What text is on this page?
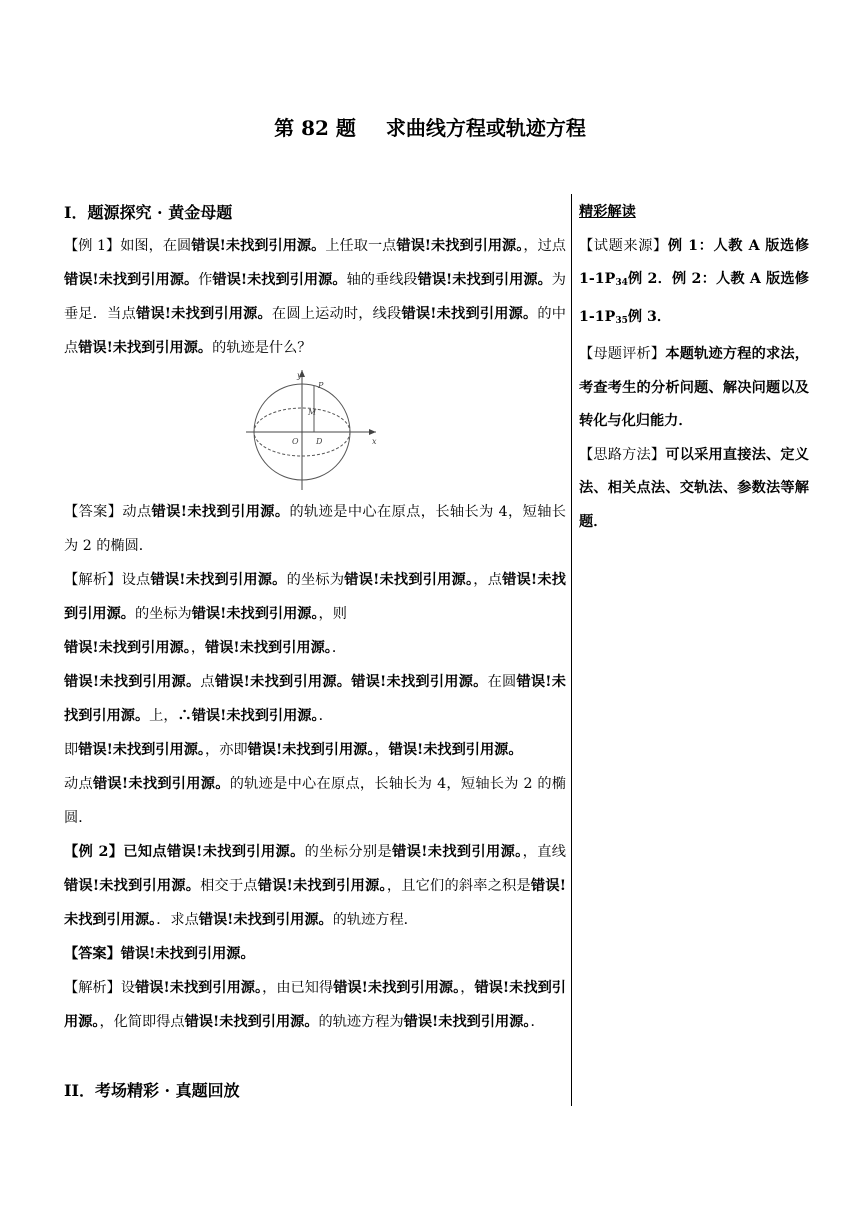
第 82 题 求曲线方程或轨迹方程
I．题源探究 · 黄金母题

【例 1】如图，在圆错误!未找到引用源。上任取一点错误!未找到引用源。，过点错误!未找到引用源。作错误!未找到引用源。轴的垂线段错误!未找到引用源。为垂足．当点错误!未找到引用源。在圆上运动时，线段错误!未找到引用源。的中点错误!未找到引用源。的轨迹是什么？

y
P
M
O D	x

【答案】动点错误!未找到引用源。的轨迹是中心在原点，长轴长为 4，短轴长为 2 的椭圆．

【解析】设点错误!未找到引用源。的坐标为错误!未找到引用源。，点错误!未找到引用源。的坐标为错误!未找到引用源。，则

错误!未找到引用源。，错误!未找到引用源。．

错误!未找到引用源。点错误!未找到引用源。错误!未找到引用源。在圆错误!未找到引用源。上，∴错误!未找到引用源。．

即错误!未找到引用源。，亦即错误!未找到引用源。，错误!未找到引用源。

动点错误!未找到引用源。的轨迹是中心在原点，长轴长为 4，短轴长为 2 的椭圆．

【例 2】已知点错误!未找到引用源。的坐标分别是错误!未找到引用源。，直线错误!未找到引用源。相交于点错误!未找到引用源。，且它们的斜率之积是错误!未找到引用源。．求点错误!未找到引用源。的轨迹方程．

【答案】错误!未找到引用源。

【解析】设错误!未找到引用源。，由已知得错误!未找到引用源。，错误!未找到引用源。，化简即得点错误!未找到引用源。的轨迹方程为错误!未找到引用源。．

II．考场精彩 · 真题回放

精彩解读

【试题来源】例 1：人教 A 版选修 $1-1P_{34}$例 2．例 2：人教 A 版选修 $1-1P_{35}$例 3．

【母题评析】本题轨迹方程的求法，考查考生的分析问题、解决问题以及转化与化归能力．

【思路方法】可以采用直接法、定义法、相关点法、交轨法、参数法等解题．
